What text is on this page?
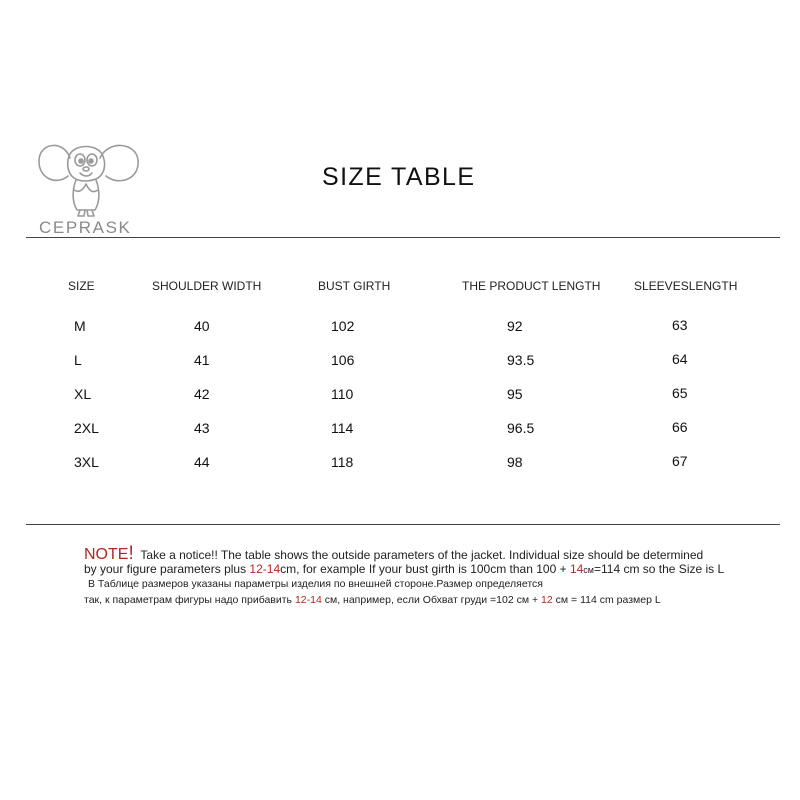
CEPRASK
SIZE TABLE
SIZE	SHOULDER WIDTH	BUST GIRTH	THE PRODUCT LENGTH	SLEEVESLENGTH
M	40	102	92	63
L	41	106	93.5	64
XL	42	110	95	65
2XL	43	114	96.5	66
3XL	44	118	98	67
NOTE! Take a notice!! The table shows the outside parameters of the jacket. Individual size should be determined
by your figure parameters plus 12-14cm, for example If your bust girth is 100cm than 100 + 14см=114 cm so the Size is L
В Таблице размеров указаны параметры изделия по внешней стороне.Размер определяется
так, к параметрам фигуры надо прибавить 12-14 см, например, если Обхват груди =102 см + 12 см = 114 cm размер L
